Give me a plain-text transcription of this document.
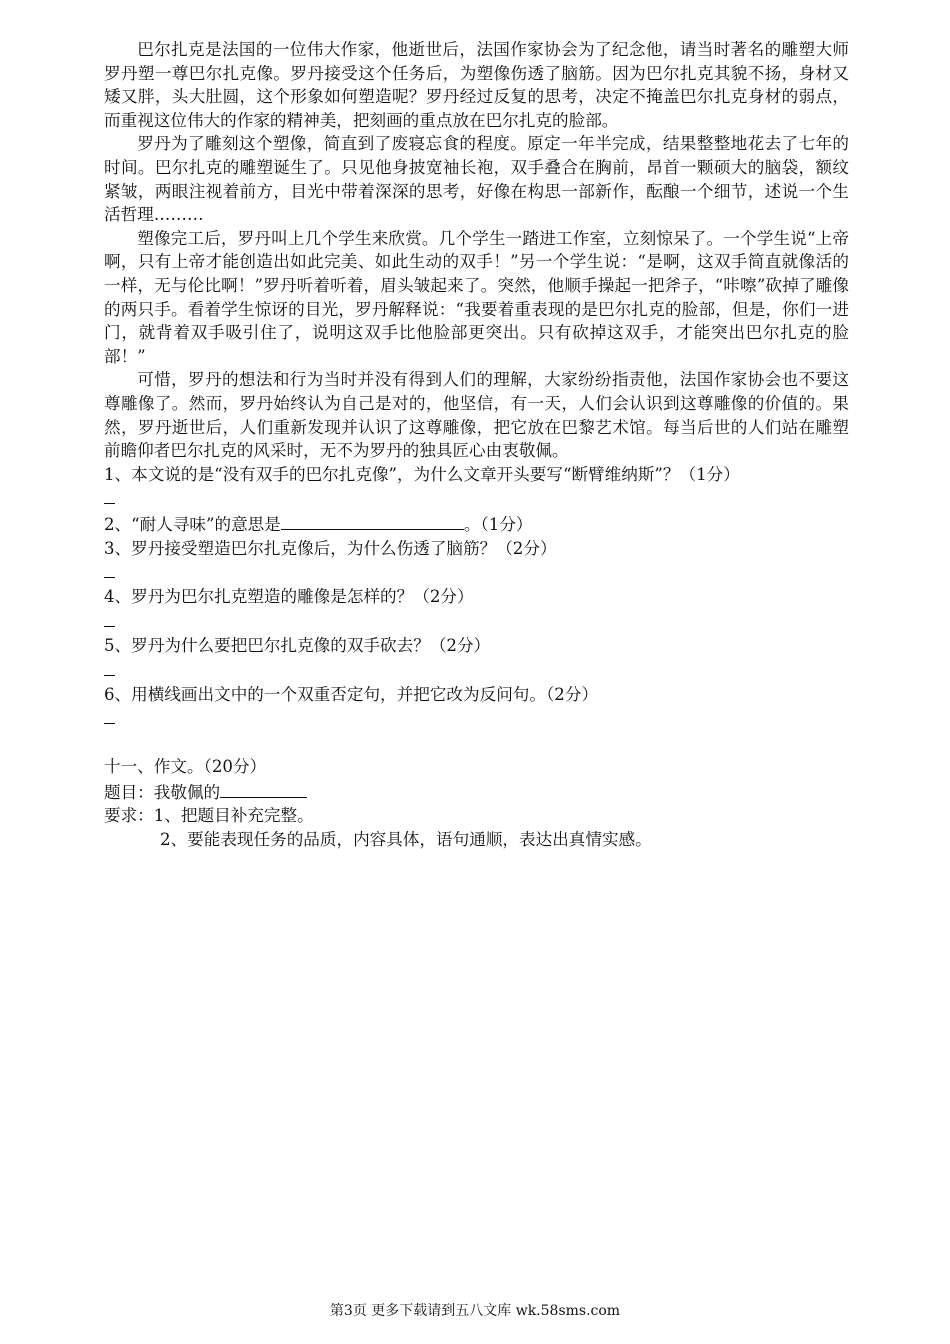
巴尔扎克是法国的一位伟大作家，他逝世后，法国作家协会为了纪念他，请当时著名的雕塑大师罗丹塑一尊巴尔扎克像。罗丹接受这个任务后，为塑像伤透了脑筋。因为巴尔扎克其貌不扬，身材又矮又胖，头大肚圆，这个形象如何塑造呢？罗丹经过反复的思考，决定不掩盖巴尔扎克身材的弱点，而重视这位伟大的作家的精神美，把刻画的重点放在巴尔扎克的脸部。

罗丹为了雕刻这个塑像，简直到了废寝忘食的程度。原定一年半完成，结果整整地花去了七年的时间。巴尔扎克的雕塑诞生了。只见他身披宽袖长袍，双手叠合在胸前，昂首一颗硕大的脑袋，额纹紧皱，两眼注视着前方，目光中带着深深的思考，好像在构思一部新作，酝酿一个细节，述说一个生活哲理………

塑像完工后，罗丹叫上几个学生来欣赏。几个学生一踏进工作室，立刻惊呆了。一个学生说“上帝啊，只有上帝才能创造出如此完美、如此生动的双手！”另一个学生说：“是啊，这双手简直就像活的一样，无与伦比啊！”罗丹听着听着，眉头皱起来了。突然，他顺手操起一把斧子，“咔嚓”砍掉了雕像的两只手。看着学生惊讶的目光，罗丹解释说：“我要着重表现的是巴尔扎克的脸部，但是，你们一进门，就背着双手吸引住了，说明这双手比他脸部更突出。只有砍掉这双手，才能突出巴尔扎克的脸部！”

可惜，罗丹的想法和行为当时并没有得到人们的理解，大家纷纷指责他，法国作家协会也不要这尊雕像了。然而，罗丹始终认为自己是对的，他坚信，有一天，人们会认识到这尊雕像的价值的。果然，罗丹逝世后，人们重新发现并认识了这尊雕像，把它放在巴黎艺术馆。每当后世的人们站在雕塑前瞻仰者巴尔扎克的风采时，无不为罗丹的独具匠心由衷敬佩。

1、本文说的是“没有双手的巴尔扎克像”，为什么文章开头要写“断臂维纳斯”？（1分）

2、“耐人寻味”的意思是	。（1分）

3、罗丹接受塑造巴尔扎克像后，为什么伤透了脑筋？（2分）

4、罗丹为巴尔扎克塑造的雕像是怎样的？（2分）

5、罗丹为什么要把巴尔扎克像的双手砍去？（2分）

6、用横线画出文中的一个双重否定句，并把它改为反问句。（2分）

十一、作文。（20分）

题目：我敬佩的

要求：1、把题目补充完整。

2、要能表现任务的品质，内容具体，语句通顺，表达出真情实感。

第3页 更多下载请到五八文库 wk.58sms.com
